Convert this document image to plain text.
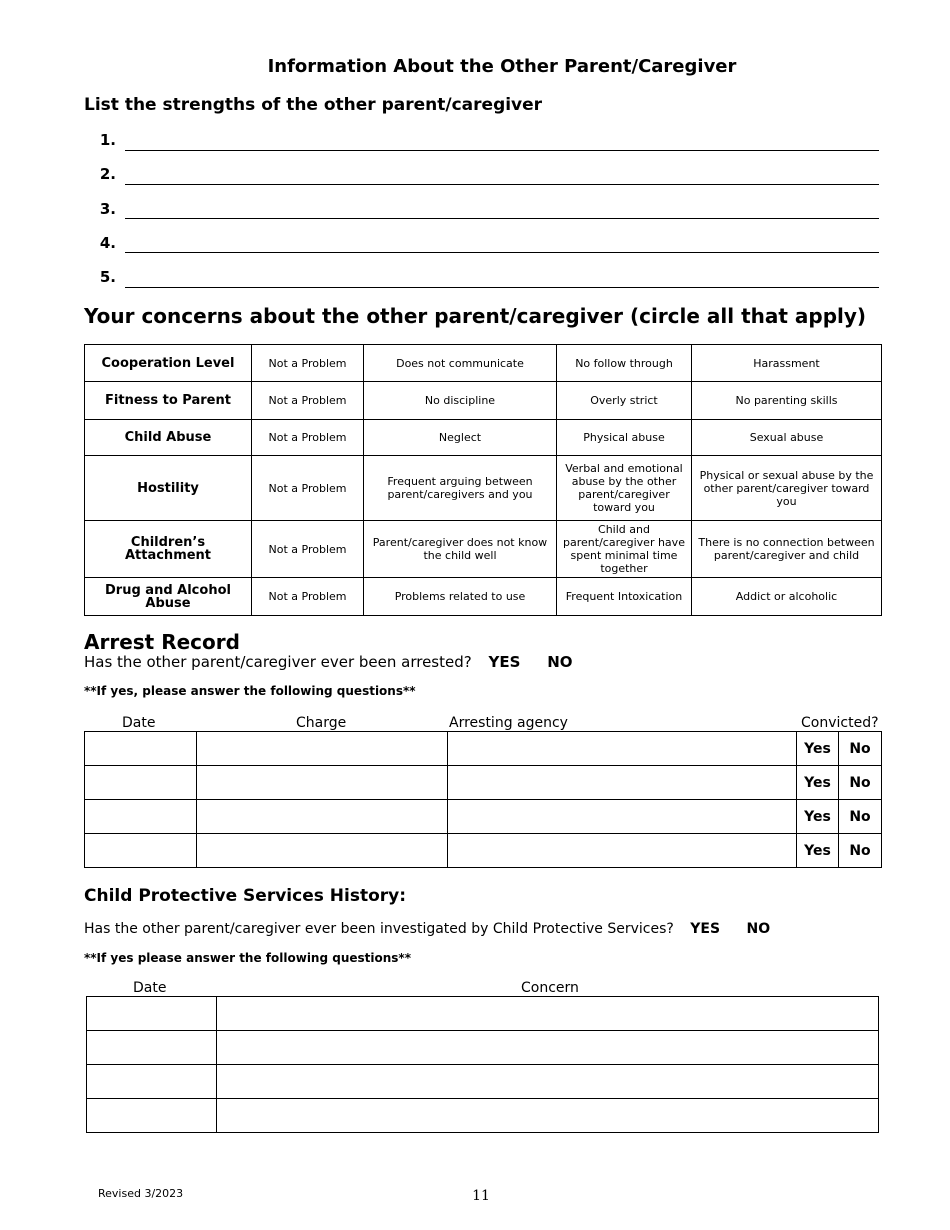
Information About the Other Parent/Caregiver
List the strengths of the other parent/caregiver
1.
2.
3.
4.
5.
Your concerns about the other parent/caregiver (circle all that apply)
Cooperation Level	Not a Problem	Does not communicate	No follow through	Harassment
Fitness to Parent	Not a Problem	No discipline	Overly strict	No parenting skills
Child Abuse	Not a Problem	Neglect	Physical abuse	Sexual abuse
Hostility	Not a Problem	Frequent arguing between parent/caregivers and you	Verbal and emotional abuse by the other parent/caregiver toward you	Physical or sexual abuse by the other parent/caregiver toward you
Children’s Attachment	Not a Problem	Parent/caregiver does not know the child well	Child and parent/caregiver have spent minimal time together	There is no connection between parent/caregiver and child
Drug and Alcohol Abuse	Not a Problem	Problems related to use	Frequent Intoxication	Addict or alcoholic
Arrest Record
Has the other parent/caregiver ever been arrested? YES NO
**If yes, please answer the following questions**
Date	Charge	Arresting agency	Convicted?
			Yes	No
			Yes	No
			Yes	No
			Yes	No
Child Protective Services History:
Has the other parent/caregiver ever been investigated by Child Protective Services? YES NO
**If yes please answer the following questions**
Date	Concern

Revised 3/2023	11
